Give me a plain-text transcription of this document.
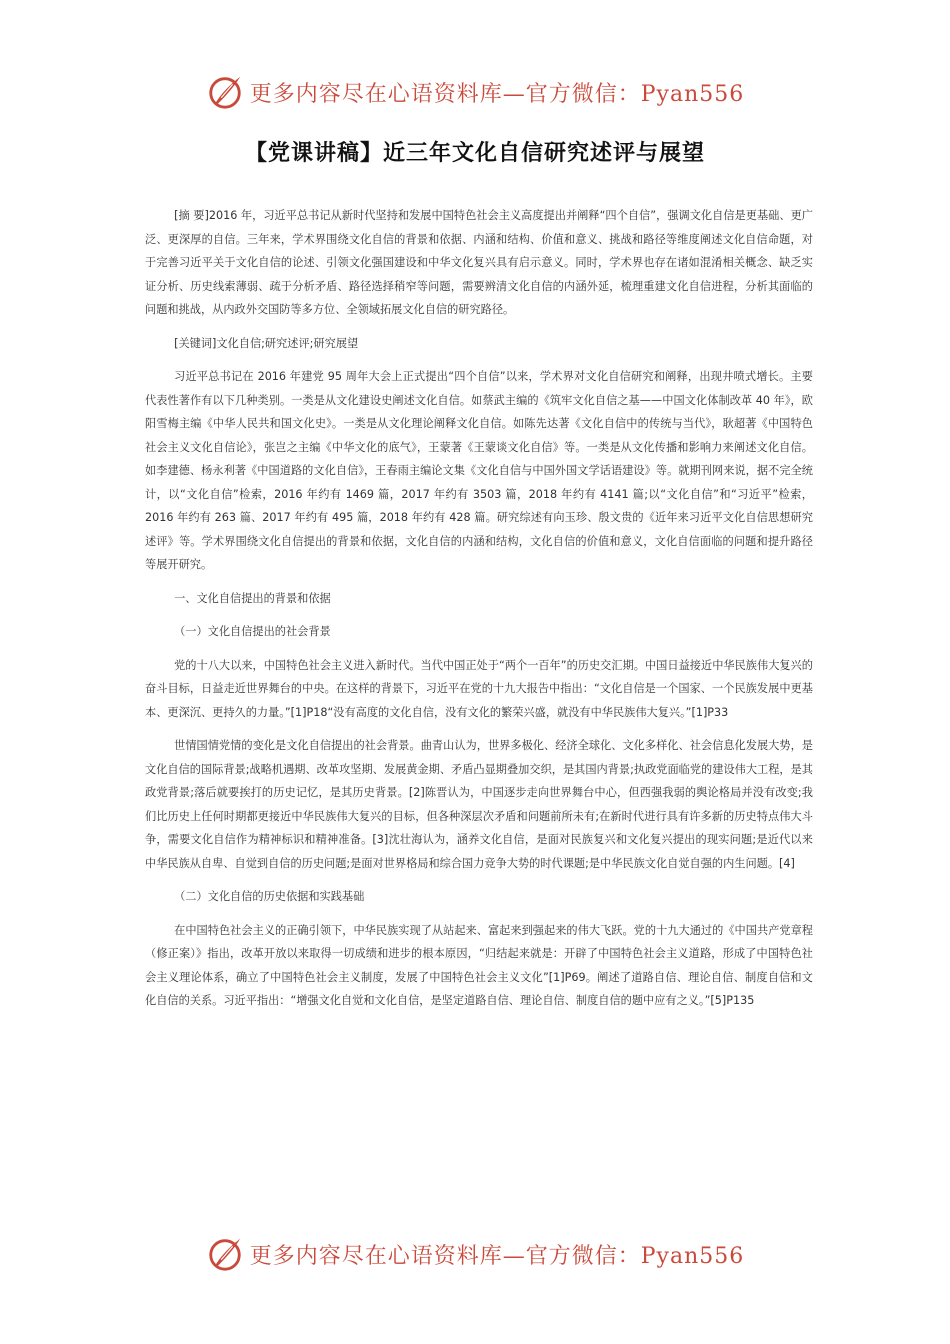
更多内容尽在心语资料库—官方微信：Pyan556
【党课讲稿】近三年文化自信研究述评与展望

[摘 要]2016 年，习近平总书记从新时代坚持和发展中国特色社会主义高度提出并阐释“四个自信”，强调文化自信是更基础、更广泛、更深厚的自信。三年来，学术界围绕文化自信的背景和依据、内涵和结构、价值和意义、挑战和路径等维度阐述文化自信命题，对于完善习近平关于文化自信的论述、引领文化强国建设和中华文化复兴具有启示意义。同时，学术界也存在诸如混淆相关概念、缺乏实证分析、历史线索薄弱、疏于分析矛盾、路径选择稍窄等问题，需要辨清文化自信的内涵外延，梳理重建文化自信进程，分析其面临的问题和挑战，从内政外交国防等多方位、全领域拓展文化自信的研究路径。

[关键词]文化自信;研究述评;研究展望

习近平总书记在 2016 年建党 95 周年大会上正式提出“四个自信”以来，学术界对文化自信研究和阐释，出现井喷式增长。主要代表性著作有以下几种类别。一类是从文化建设史阐述文化自信。如蔡武主编的《筑牢文化自信之基——中国文化体制改革 40 年》，欧阳雪梅主编《中华人民共和国文化史》。一类是从文化理论阐释文化自信。如陈先达著《文化自信中的传统与当代》，耿超著《中国特色社会主义文化自信论》，张岂之主编《中华文化的底气》，王蒙著《王蒙谈文化自信》等。一类是从文化传播和影响力来阐述文化自信。如李建德、杨永利著《中国道路的文化自信》，王春雨主编论文集《文化自信与中国外国文学话语建设》等。就期刊网来说，据不完全统计，以“文化自信”检索，2016 年约有 1469 篇，2017 年约有 3503 篇，2018 年约有 4141 篇;以“文化自信”和“习近平”检索，2016 年约有 263 篇、2017 年约有 495 篇，2018 年约有 428 篇。研究综述有向玉珍、殷文贵的《近年来习近平文化自信思想研究述评》等。学术界围绕文化自信提出的背景和依据，文化自信的内涵和结构，文化自信的价值和意义，文化自信面临的问题和提升路径等展开研究。

一、文化自信提出的背景和依据

（一）文化自信提出的社会背景

党的十八大以来，中国特色社会主义进入新时代。当代中国正处于“两个一百年”的历史交汇期。中国日益接近中华民族伟大复兴的奋斗目标，日益走近世界舞台的中央。在这样的背景下，习近平在党的十九大报告中指出：“文化自信是一个国家、一个民族发展中更基本、更深沉、更持久的力量。”[1]P18“没有高度的文化自信，没有文化的繁荣兴盛，就没有中华民族伟大复兴。”[1]P33

世情国情党情的变化是文化自信提出的社会背景。曲青山认为，世界多极化、经济全球化、文化多样化、社会信息化发展大势，是文化自信的国际背景;战略机遇期、改革攻坚期、发展黄金期、矛盾凸显期叠加交织，是其国内背景;执政党面临党的建设伟大工程，是其政党背景;落后就要挨打的历史记忆，是其历史背景。[2]陈晋认为，中国逐步走向世界舞台中心，但西强我弱的舆论格局并没有改变;我们比历史上任何时期都更接近中华民族伟大复兴的目标，但各种深层次矛盾和问题前所未有;在新时代进行具有许多新的历史特点伟大斗争，需要文化自信作为精神标识和精神准备。[3]沈壮海认为，涵养文化自信，是面对民族复兴和文化复兴提出的现实问题;是近代以来中华民族从自卑、自觉到自信的历史问题;是面对世界格局和综合国力竞争大势的时代课题;是中华民族文化自觉自强的内生问题。[4]

（二）文化自信的历史依据和实践基础

在中国特色社会主义的正确引领下，中华民族实现了从站起来、富起来到强起来的伟大飞跃。党的十九大通过的《中国共产党章程（修正案）》指出，改革开放以来取得一切成绩和进步的根本原因，“归结起来就是：开辟了中国特色社会主义道路，形成了中国特色社会主义理论体系，确立了中国特色社会主义制度，发展了中国特色社会主义文化”[1]P69。阐述了道路自信、理论自信、制度自信和文化自信的关系。习近平指出：“增强文化自觉和文化自信，是坚定道路自信、理论自信、制度自信的题中应有之义。”[5]P135

更多内容尽在心语资料库—官方微信：Pyan556
